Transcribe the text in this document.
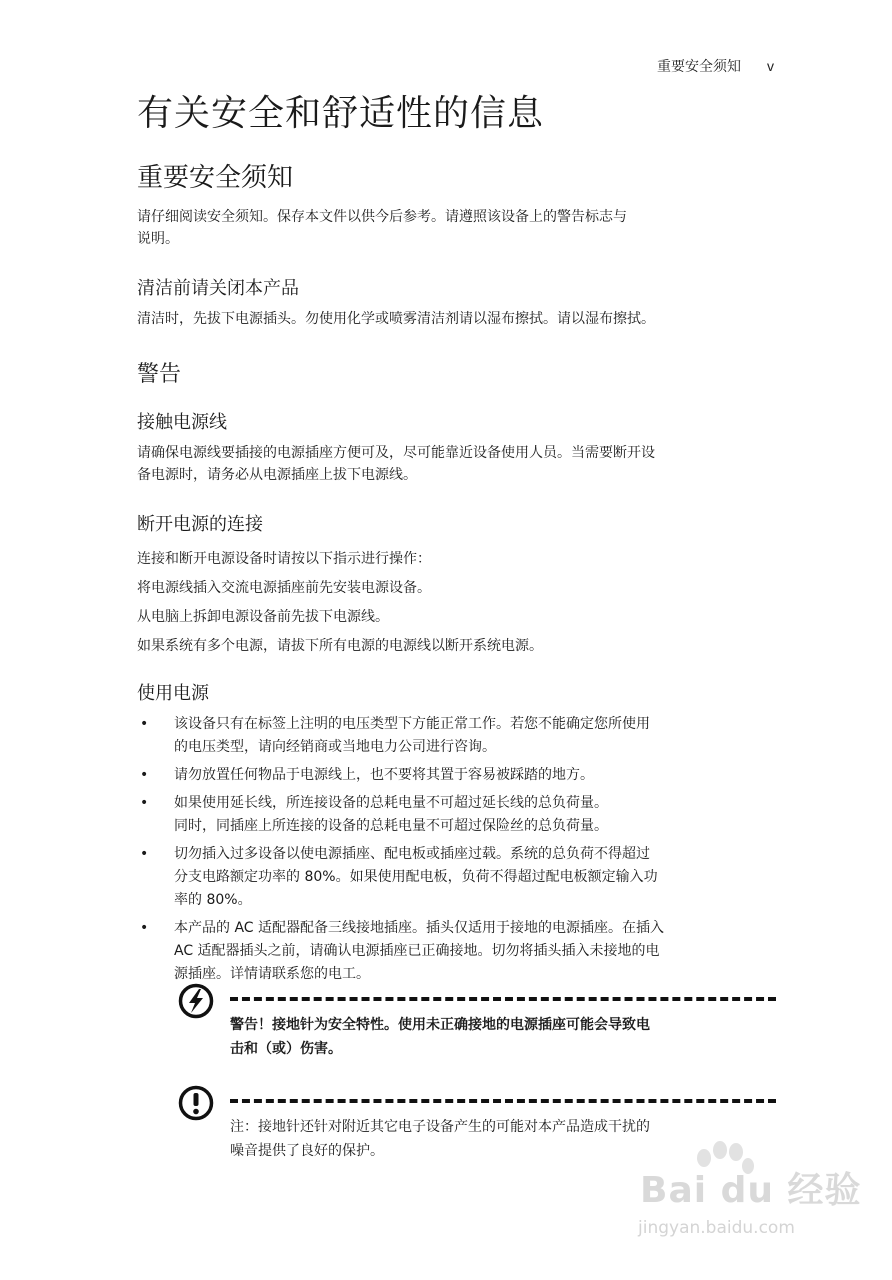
重要安全须知 v
有关安全和舒适性的信息
重要安全须知

请仔细阅读安全须知。保存本文件以供今后参考。请遵照该设备上的警告标志与

说明。

清洁前请关闭本产品

清洁时，先拔下电源插头。勿使用化学或喷雾清洁剂请以湿布擦拭。请以湿布擦拭。

警告
接触电源线

请确保电源线要插接的电源插座方便可及，尽可能靠近设备使用人员。当需要断开设

备电源时，请务必从电源插座上拔下电源线。

断开电源的连接

连接和断开电源设备时请按以下指示进行操作：

将电源线插入交流电源插座前先安装电源设备。

从电脑上拆卸电源设备前先拔下电源线。

如果系统有多个电源，请拔下所有电源的电源线以断开系统电源。

使用电源
• 该设备只有在标签上注明的电压类型下方能正常工作。若您不能确定您所使用
的电压类型，请向经销商或当地电力公司进行咨询。
• 请勿放置任何物品于电源线上，也不要将其置于容易被踩踏的地方。
• 如果使用延长线，所连接设备的总耗电量不可超过延长线的总负荷量。
同时，同插座上所连接的设备的总耗电量不可超过保险丝的总负荷量。
• 切勿插入过多设备以使电源插座、配电板或插座过载。系统的总负荷不得超过
分支电路额定功率的 80%。如果使用配电板，负荷不得超过配电板额定输入功
率的 80%。
• 本产品的 AC 适配器配备三线接地插座。插头仅适用于接地的电源插座。在插入
AC 适配器插头之前，请确认电源插座已正确接地。切勿将插头插入未接地的电
源插座。详情请联系您的电工。
警告！接地针为安全特性。使用未正确接地的电源插座可能会导致电
击和（或）伤害。
注：接地针还针对附近其它电子设备产生的可能对本产品造成干扰的
噪音提供了良好的保护。
Bai du 经验
jingyan.baidu.com
